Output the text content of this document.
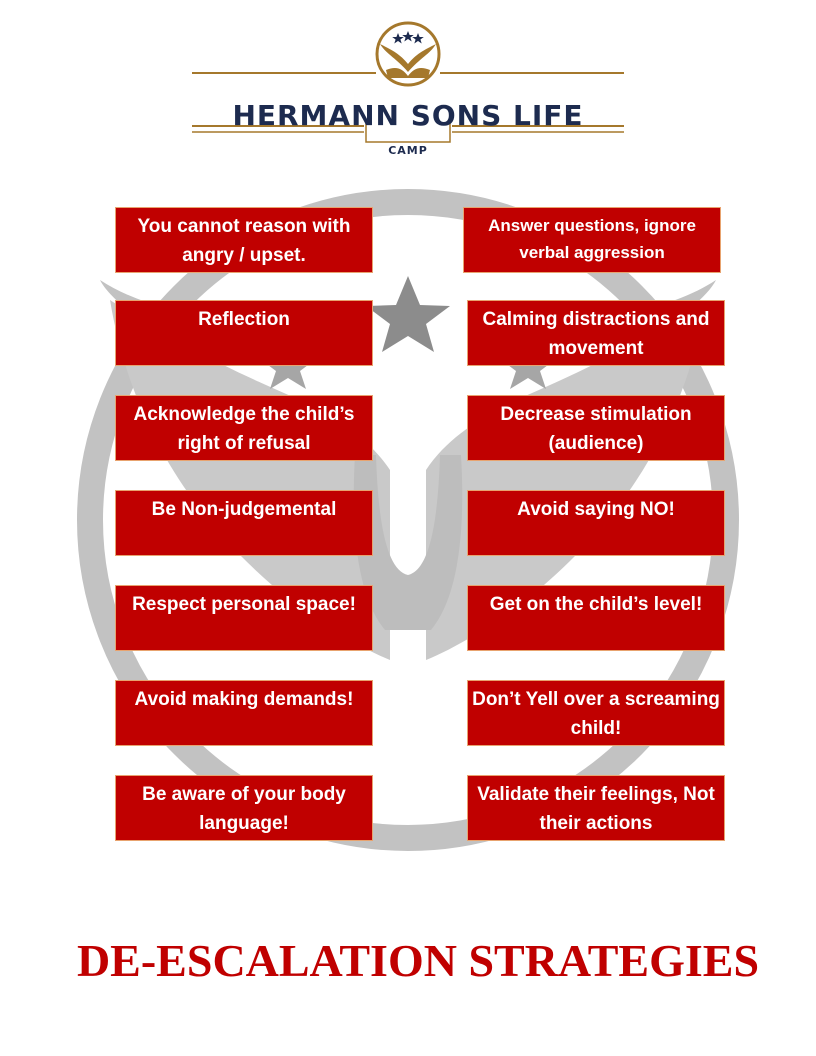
HERMANN SONS LIFE
CAMP
You cannot reason with angry / upset.
Reflection
Acknowledge the child’s right of refusal
Be Non-judgemental
Respect personal space!
Avoid making demands!
Be aware of your body language!
Answer questions, ignore verbal aggression
Calming distractions and movement
Decrease stimulation (audience)
Avoid saying NO!
Get on the child’s level!
Don’t Yell over a screaming child!
Validate their feelings, Not their actions
DE-ESCALATION STRATEGIES
